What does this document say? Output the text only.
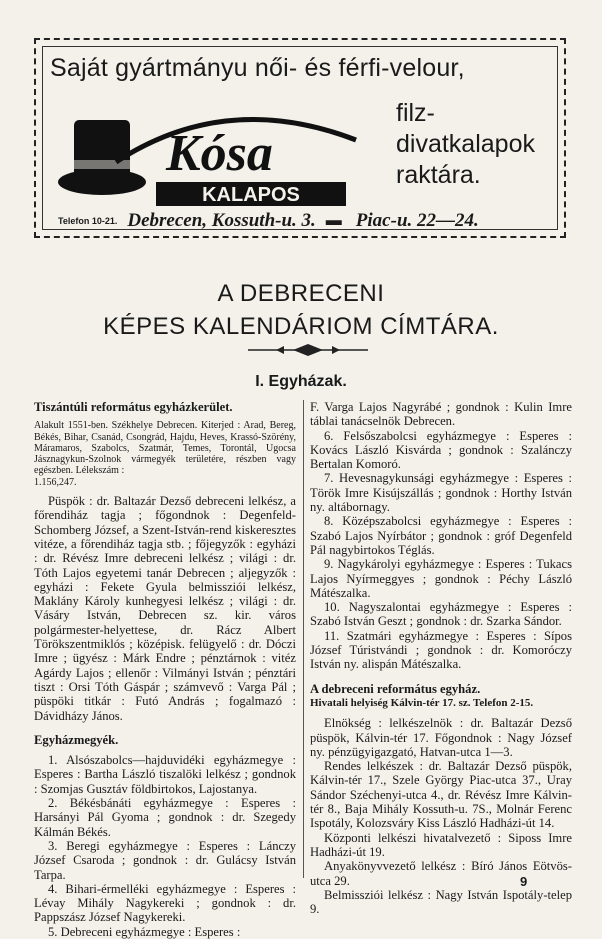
Saját gyártmányu női- és férfi-velour,
filz-
divatkalapok
raktára.
Kósa
KALAPOS
Telefon 10-21. Debrecen, Kossuth-u. 3. ▬ Piac-u. 22—24.
A DEBRECENI
KÉPES KALENDÁRIOM CÍMTÁRA.
I. Egyházak.

Tiszántúli református egyházkerület.

Alakult 1551-ben. Székhelye Debrecen. Kiterjed : Arad, Bereg, Békés, Bihar, Csanád, Csongrád, Hajdu, Heves, Krassó-Szörény, Máramaros, Szabolcs, Szatmár, Temes, Torontál, Ugocsa Jásznagykun-Szolnok vármegyék területére, részben vagy egészben. Lélekszám :

1.156,247.

Püspök : dr. Baltazár Dezső debreceni lelkész, a főrendiház tagja ; főgondnok : Degenfeld-Schomberg József, a Szent-István-rend kiskeresztes vitéze, a főrendiház tagja stb. ; főjegyzők : egyházi : dr. Révész Imre debreceni lelkész ; világi : dr. Tóth Lajos egyetemi tanár Debrecen ; aljegyzők : egyházi : Fekete Gyula belmissziói lelkész, Maklány Károly kunhegyesi lelkész ; világi : dr. Vásáry István, Debrecen sz. kir. város polgármester-helyettese, dr. Rácz Albert Törökszentmiklós ; középisk. felügyelő : dr. Dóczi Imre ; ügyész : Márk Endre ; pénztárnok : vitéz Agárdy Lajos ; ellenőr : Vilmányi István ; pénztári tiszt : Orsi Tóth Gáspár ; számvevő : Varga Pál ; püspöki titkár : Futó András ; fogalmazó : Dávidházy János.

Egyházmegyék.

1. Alsószabolcs—hajduvidéki egyházmegye : Esperes : Bartha László tiszalöki lelkész ; gondnok : Szomjas Gusztáv földbirtokos, Lajostanya.

2. Békésbánáti egyházmegye : Esperes : Harsányi Pál Gyoma ; gondnok : dr. Szegedy Kálmán Békés.

3. Beregi egyházmegye : Esperes : Lánczy József Csaroda ; gondnok : dr. Gulácsy István Tarpa.

4. Bihari-érmelléki egyházmegye : Esperes : Lévay Mihály Nagykereki ; gondnok : dr. Pappszász József Nagykereki.

5. Debreceni egyházmegye : Esperes :

F. Varga Lajos Nagyrábé ; gondnok : Kulin Imre táblai tanácselnök Debrecen.

6. Felsőszabolcsi egyházmegye : Esperes : Kovács László Kisvárda ; gondnok : Szalánczy Bertalan Komoró.

7. Hevesnagykunsági egyházmegye : Esperes : Török Imre Kisújszállás ; gondnok : Horthy István ny. altábornagy.

8. Középszabolcsi egyházmegye : Esperes : Szabó Lajos Nyírbátor ; gondnok : gróf Degenfeld Pál nagybirtokos Téglás.

9. Nagykárolyi egyházmegye : Esperes : Tukacs Lajos Nyírmeggyes ; gondnok : Péchy László Mátészalka.

10. Nagyszalontai egyházmegye : Esperes : Szabó István Geszt ; gondnok : dr. Szarka Sándor.

11. Szatmári egyházmegye : Esperes : Sípos József Túristvándi ; gondnok : dr. Komoróczy István ny. alispán Mátészalka.

A debreceni református egyház.

Hivatali helyiség Kálvin-tér 17. sz. Telefon 2-15.

Elnökség : lelkészelnök : dr. Baltazár Dezső püspök, Kálvin-tér 17. Főgondnok : Nagy József ny. pénzügyigazgató, Hatvan-utca 1—3.

Rendes lelkészek : dr. Baltazár Dezső püspök, Kálvin-tér 17., Szele György Piac-utca 37., Uray Sándor Széchenyi-utca 4., dr. Révész Imre Kálvin-tér 8., Baja Mihály Kossuth-u. 7S., Molnár Ferenc Ispotály, Kolozsváry Kiss László Hadházi-út 14.

Központi lelkészi hivatalvezető : Siposs Imre Hadházi-út 19.

Anyakönyvvezető lelkész : Bíró János Eötvös-utca 29.

Belmissziói lelkész : Nagy István Ispotály-telep 9.

9
